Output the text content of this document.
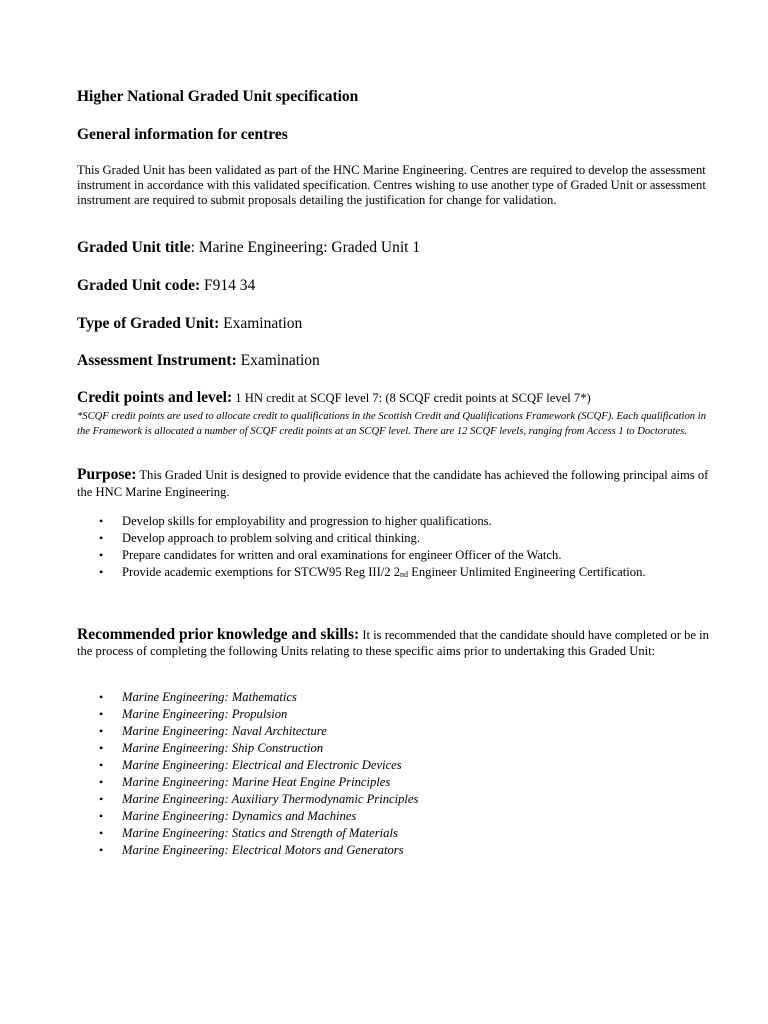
Higher National Graded Unit specification
General information for centres

This Graded Unit has been validated as part of the HNC Marine Engineering. Centres are required to develop the assessment instrument in accordance with this validated specification. Centres wishing to use another type of Graded Unit or assessment instrument are required to submit proposals detailing the justification for change for validation.

Graded Unit title: Marine Engineering: Graded Unit 1

Graded Unit code: F914 34

Type of Graded Unit: Examination

Assessment Instrument: Examination

Credit points and level: 1 HN credit at SCQF level 7: (8 SCQF credit points at SCQF level 7*)

*SCQF credit points are used to allocate credit to qualifications in the Scottish Credit and Qualifications Framework (SCQF). Each qualification in the Framework is allocated a number of SCQF credit points at an SCQF level. There are 12 SCQF levels, ranging from Access 1 to Doctorates.

Purpose: This Graded Unit is designed to provide evidence that the candidate has achieved the following principal aims of the HNC Marine Engineering.

• Develop skills for employability and progression to higher qualifications.
• Develop approach to problem solving and critical thinking.
• Prepare candidates for written and oral examinations for engineer Officer of the Watch.
• Provide academic exemptions for STCW95 Reg III/2 $2_{nd}$ Engineer Unlimited Engineering Certification.

Recommended prior knowledge and skills: It is recommended that the candidate should have completed or be in the process of completing the following Units relating to these specific aims prior to undertaking this Graded Unit:

• Marine Engineering: Mathematics
• Marine Engineering: Propulsion
• Marine Engineering: Naval Architecture
• Marine Engineering: Ship Construction
• Marine Engineering: Electrical and Electronic Devices
• Marine Engineering: Marine Heat Engine Principles
• Marine Engineering: Auxiliary Thermodynamic Principles
• Marine Engineering: Dynamics and Machines
• Marine Engineering: Statics and Strength of Materials
• Marine Engineering: Electrical Motors and Generators
